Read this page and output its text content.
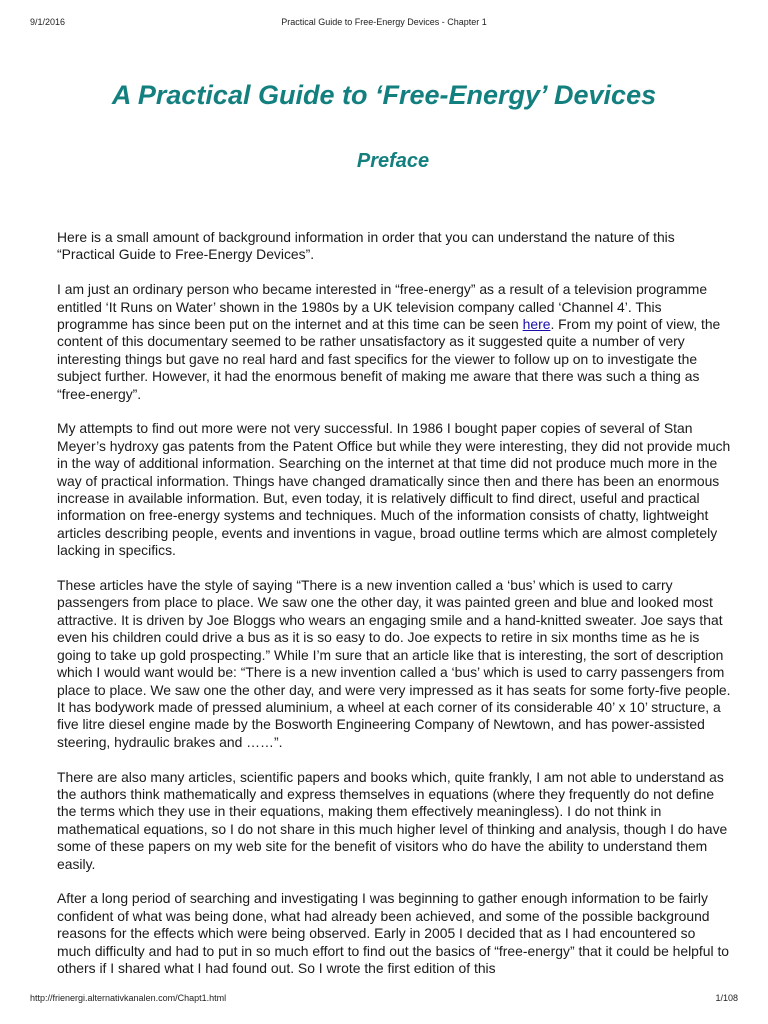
9/1/2016	Practical Guide to Free-Energy Devices - Chapter 1
A Practical Guide to ‘Free-Energy’ Devices
Preface

Here is a small amount of background information in order that you can understand the nature of this “Practical Guide to Free-Energy Devices”.

I am just an ordinary person who became interested in “free-energy” as a result of a television programme entitled ‘It Runs on Water’ shown in the 1980s by a UK television company called ‘Channel 4’. This programme has since been put on the internet and at this time can be seen here. From my point of view, the content of this documentary seemed to be rather unsatisfactory as it suggested quite a number of very interesting things but gave no real hard and fast specifics for the viewer to follow up on to investigate the subject further. However, it had the enormous benefit of making me aware that there was such a thing as “free-energy”.

My attempts to find out more were not very successful. In 1986 I bought paper copies of several of Stan Meyer’s hydroxy gas patents from the Patent Office but while they were interesting, they did not provide much in the way of additional information. Searching on the internet at that time did not produce much more in the way of practical information. Things have changed dramatically since then and there has been an enormous increase in available information. But, even today, it is relatively difficult to find direct, useful and practical information on free-energy systems and techniques. Much of the information consists of chatty, lightweight articles describing people, events and inventions in vague, broad outline terms which are almost completely lacking in specifics.

These articles have the style of saying “There is a new invention called a ‘bus’ which is used to carry passengers from place to place. We saw one the other day, it was painted green and blue and looked most attractive. It is driven by Joe Bloggs who wears an engaging smile and a hand-knitted sweater. Joe says that even his children could drive a bus as it is so easy to do. Joe expects to retire in six months time as he is going to take up gold prospecting.” While I’m sure that an article like that is interesting, the sort of description which I would want would be: “There is a new invention called a ‘bus’ which is used to carry passengers from place to place. We saw one the other day, and were very impressed as it has seats for some forty-five people. It has bodywork made of pressed aluminium, a wheel at each corner of its considerable 40’ x 10’ structure, a five litre diesel engine made by the Bosworth Engineering Company of Newtown, and has power-assisted steering, hydraulic brakes and ……”.

There are also many articles, scientific papers and books which, quite frankly, I am not able to understand as the authors think mathematically and express themselves in equations (where they frequently do not define the terms which they use in their equations, making them effectively meaningless). I do not think in mathematical equations, so I do not share in this much higher level of thinking and analysis, though I do have some of these papers on my web site for the benefit of visitors who do have the ability to understand them easily.

After a long period of searching and investigating I was beginning to gather enough information to be fairly confident of what was being done, what had already been achieved, and some of the possible background reasons for the effects which were being observed. Early in 2005 I decided that as I had encountered so much difficulty and had to put in so much effort to find out the basics of “free-energy” that it could be helpful to others if I shared what I had found out. So I wrote the first edition of this

http://frienergi.alternativkanalen.com/Chapt1.html	1/108
